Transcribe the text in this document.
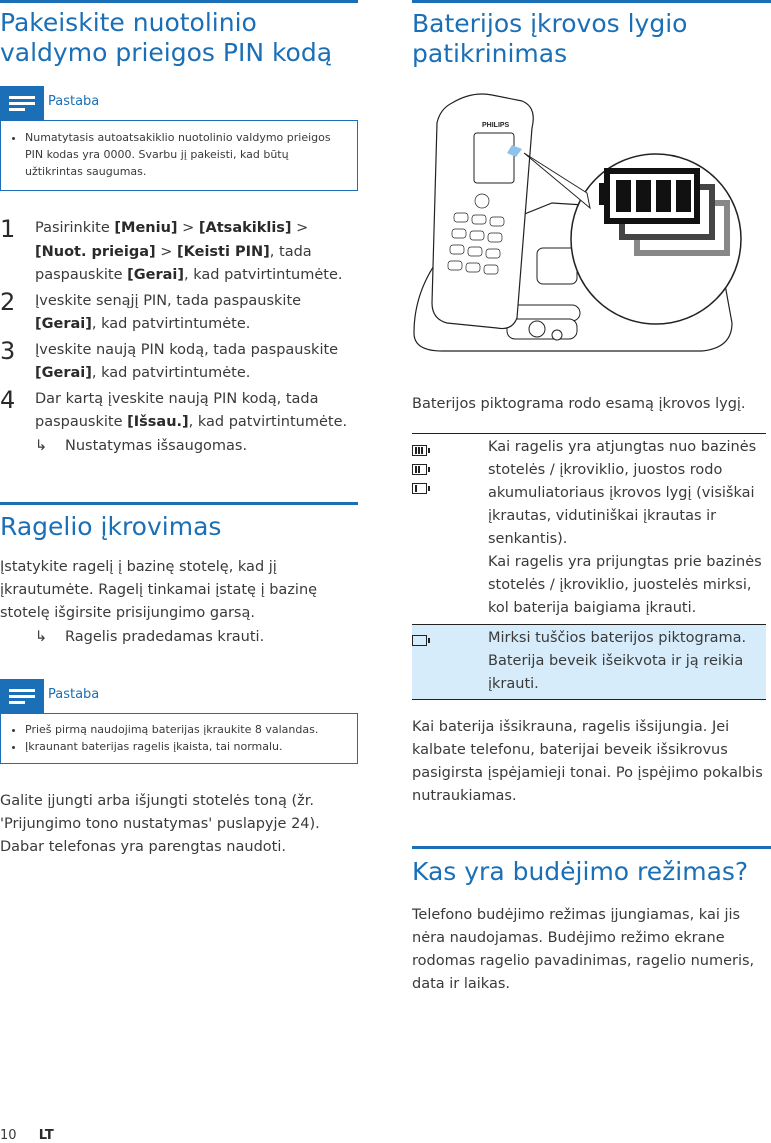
Pakeiskite nuotolinio valdymo prieigos PIN kodą
Pastaba
• Numatytasis autoatsakiklio nuotolinio valdymo prieigos PIN kodas yra 0000. Svarbu jį pakeisti, kad būtų užtikrintas saugumas.
1 Pasirinkite [Meniu] > [Atsakiklis] > [Nuot. prieiga] > [Keisti PIN], tada paspauskite [Gerai], kad patvirtintumėte.
2 Įveskite senąjį PIN, tada paspauskite [Gerai], kad patvirtintumėte.
3 Įveskite naują PIN kodą, tada paspauskite [Gerai], kad patvirtintumėte.
4 Dar kartą įveskite naują PIN kodą, tada paspauskite [Išsau.], kad patvirtintumėte.
↳ Nustatymas išsaugomas.
Ragelio įkrovimas

Įstatykite ragelį į bazinę stotelę, kad jį įkrautumėte. Ragelį tinkamai įstatę į bazinę stotelę išgirsite prisijungimo garsą.

↳ Ragelis pradedamas krauti.
Pastaba
• Prieš pirmą naudojimą baterijas įkraukite 8 valandas.
• Įkraunant baterijas ragelis įkaista, tai normalu.

Galite įjungti arba išjungti stotelės toną (žr. 'Prijungimo tono nustatymas' puslapyje 24). Dabar telefonas yra parengtas naudoti.

Baterijos įkrovos lygio patikrinimas
PHILIPS

Baterijos piktograma rodo esamą įkrovos lygį.

	Kai ragelis yra atjungtas nuo bazinės stotelės / įkroviklio, juostos rodo akumuliatoriaus įkrovos lygį (visiškai įkrautas, vidutiniškai įkrautas ir senkantis).
Kai ragelis yra prijungtas prie bazinės stotelės / įkroviklio, juostelės mirksi, kol baterija baigiama įkrauti.

	Mirksi tuščios baterijos piktograma. Baterija beveik išeikvota ir ją reikia įkrauti.

Kai baterija išsikrauna, ragelis išsijungia. Jei kalbate telefonu, baterijai beveik išsikrovus pasigirsta įspėjamieji tonai. Po įspėjimo pokalbis nutraukiamas.

Kas yra budėjimo režimas?

Telefono budėjimo režimas įjungiamas, kai jis nėra naudojamas. Budėjimo režimo ekrane rodomas ragelio pavadinimas, ragelio numeris, data ir laikas.

10 LT
